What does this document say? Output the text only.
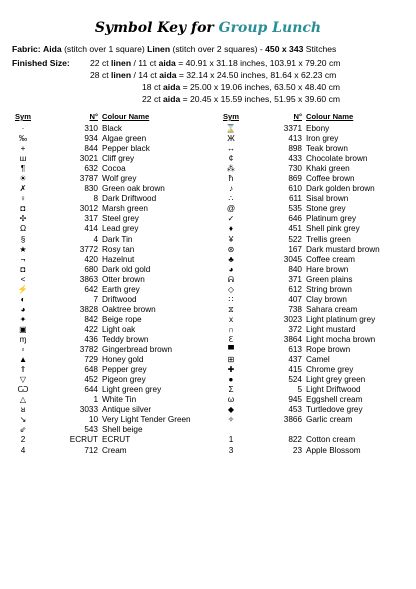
Symbol Key for Group Lunch
Fabric: Aida (stitch over 1 square) Linen (stitch over 2 squares) - 450 x 343 Stitches
Finished Size: 22 ct linen / 11 ct aida = 40.91 x 31.18 inches, 103.91 x 79.20 cm
28 ct linen / 14 ct aida = 32.14 x 24.50 inches, 81.64 x 62.23 cm
18 ct aida = 25.00 x 19.06 inches, 63.50 x 48.40 cm
22 ct aida = 20.45 x 15.59 inches, 51.95 x 39.60 cm
Sym	N°	Colour Name
·	310	Black
‰	934	Algae green
+	844	Pepper black
ш	3021	Cliff grey
¶	632	Cocoa
☀	3787	Wolf grey
✗	830	Green oak brown
♀	8	Dark Driftwood
◘	3012	Marsh green
✣	317	Steel grey
Ω	414	Lead grey
§	4	Dark Tin
★	3772	Rosy tan
¬	420	Hazelnut
◘	680	Dark old gold
<	3863	Otter brown
⚡	642	Earth grey
◐	7	Driftwood
◕	3828	Oaktree brown
✦	842	Beige rope
▣	422	Light oak
ɱ	436	Teddy brown
▫	3782	Gingerbread brown
▲	729	Honey gold
⇑	648	Pepper grey
▽	452	Pigeon grey
Ѡ	644	Light green grey
△	1	White Tin
ᴚ	3033	Antique silver
↘	10	Very Light Tender Green
⇙	543	Shell beige
2	ECRUT	ECRUT
4	712	Cream
Sym	N°	Colour Name
⌛	3371	Ebony
Ж	413	Iron grey
↔	898	Teak brown
¢	433	Chocolate brown
⁂	730	Khaki green
ħ	869	Coffee brown
♪	610	Dark golden brown
∴	611	Sisal brown
@	535	Stone grey
✓	646	Platinum grey
♦	451	Shell pink grey
¥	522	Trellis green
⊛	167	Dark mustard brown
♣	3045	Coffee cream
◕	840	Hare brown
ᕱ	371	Green plains
◇	612	String brown
∷	407	Clay brown
⧖	738	Sahara cream
x	3023	Light platinum grey
∩	372	Light mustard
ℇ	3864	Light mocha brown
▀	613	Rope brown
⊞	437	Camel
✚	415	Chrome grey
●	524	Light grey green
Σ	5	Light Driftwood
ω	945	Eggshell cream
◆	453	Turtledove grey
✧	3866	Garlic cream

1	822	Cotton cream
3	23	Apple Blossom
